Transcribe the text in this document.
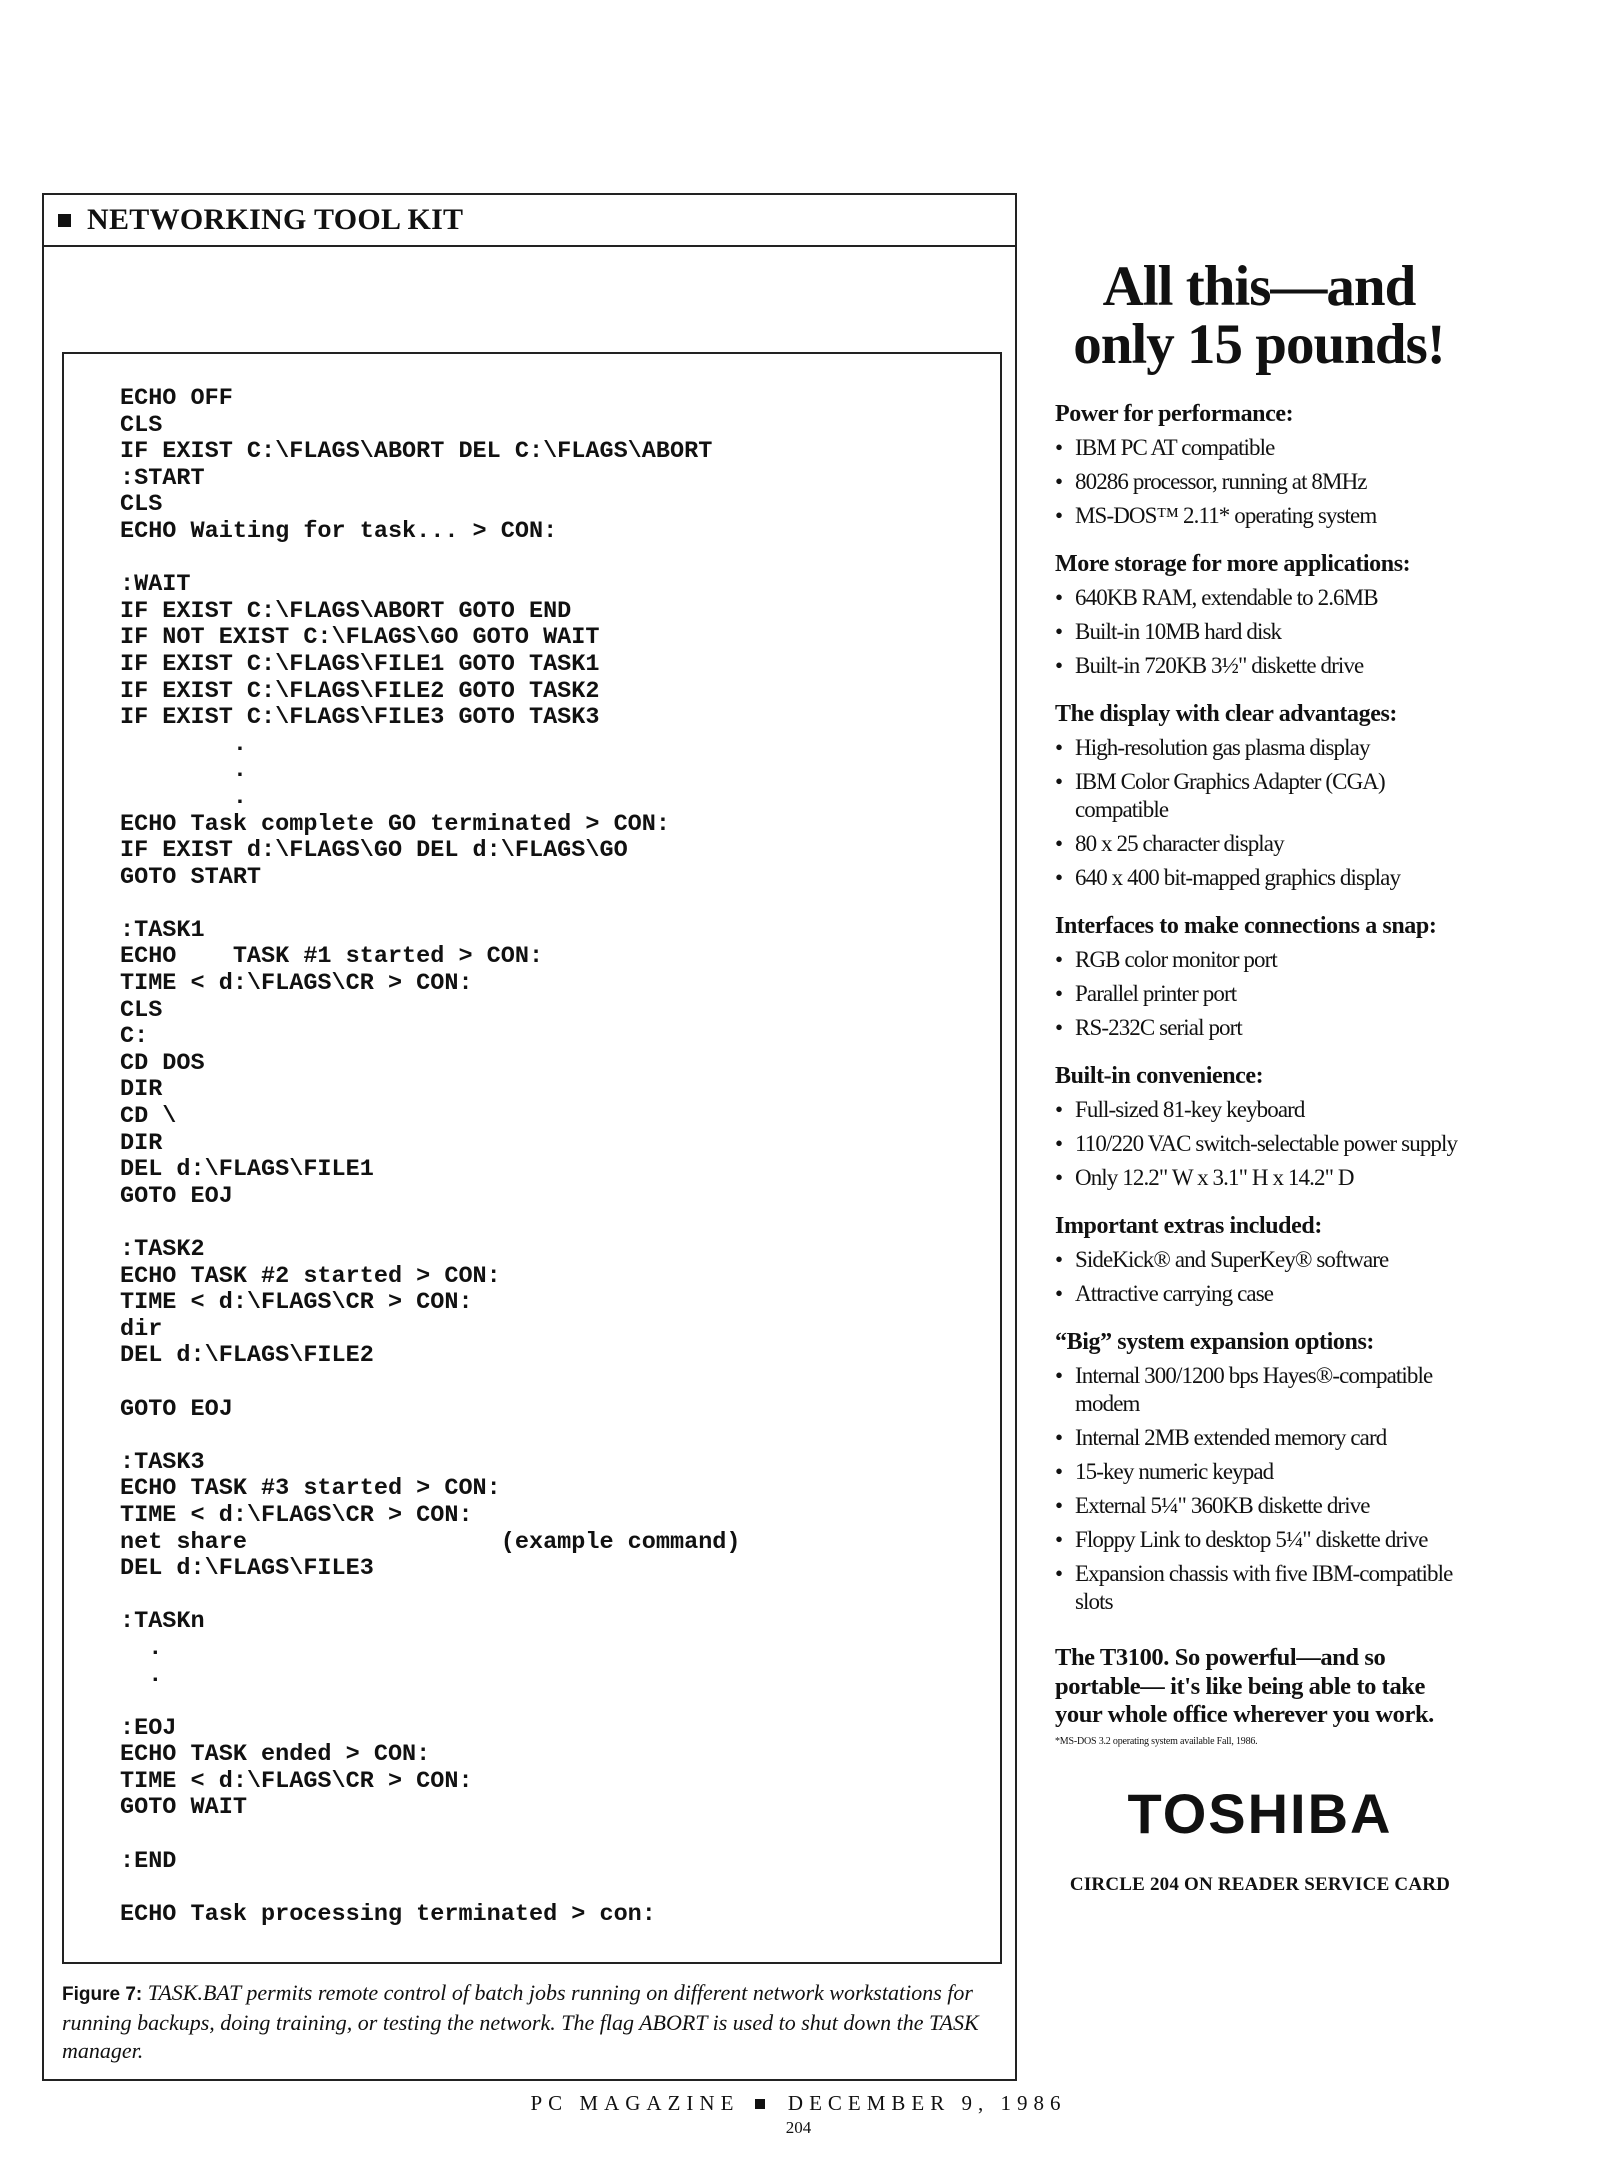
NETWORKING TOOL KIT
ECHO OFF
CLS
IF EXIST C:\FLAGS\ABORT DEL C:\FLAGS\ABORT
:START
CLS
ECHO Waiting for task... > CON:

:WAIT
IF EXIST C:\FLAGS\ABORT GOTO END
IF NOT EXIST C:\FLAGS\GO GOTO WAIT
IF EXIST C:\FLAGS\FILE1 GOTO TASK1
IF EXIST C:\FLAGS\FILE2 GOTO TASK2
IF EXIST C:\FLAGS\FILE3 GOTO TASK3
.
.
.
ECHO Task complete GO terminated > CON:
IF EXIST d:\FLAGS\GO DEL d:\FLAGS\GO
GOTO START

:TASK1
ECHO    TASK #1 started > CON:
TIME < d:\FLAGS\CR > CON:
CLS
C:
CD DOS
DIR
CD \
DIR
DEL d:\FLAGS\FILE1
GOTO EOJ

:TASK2
ECHO TASK #2 started > CON:
TIME < d:\FLAGS\CR > CON:
dir
DEL d:\FLAGS\FILE2

GOTO EOJ

:TASK3
ECHO TASK #3 started > CON:
TIME < d:\FLAGS\CR > CON:
net share                  (example command)
DEL d:\FLAGS\FILE3

:TASKn
.
.

:EOJ
ECHO TASK ended > CON:
TIME < d:\FLAGS\CR > CON:
GOTO WAIT

:END

ECHO Task processing terminated > con:

Figure 7: TASK.BAT permits remote control of batch jobs running on different network workstations for running backups, doing training, or testing the network. The flag ABORT is used to shut down the TASK manager.
PC MAGAZINE DECEMBER 9, 1986
204
All this—and
only 15 pounds!
Power for performance:
• IBM PC AT compatible
• 80286 processor, running at 8MHz
• MS-DOS™ 2.11* operating system
More storage for more applications:
• 640KB RAM, extendable to 2.6MB
• Built-in 10MB hard disk
• Built-in 720KB 3½" diskette drive
The display with clear advantages:
• High-resolution gas plasma display
• IBM Color Graphics Adapter (CGA) compatible
• 80 x 25 character display
• 640 x 400 bit-mapped graphics display
Interfaces to make connections a snap:
• RGB color monitor port
• Parallel printer port
• RS-232C serial port
Built-in convenience:
• Full-sized 81-key keyboard
• 110/220 VAC switch-selectable power supply
• Only 12.2" W x 3.1" H x 14.2" D
Important extras included:
• SideKick® and SuperKey® software
• Attractive carrying case
“Big” system expansion options:
• Internal 300/1200 bps Hayes®-compatible modem
• Internal 2MB extended memory card
• 15-key numeric keypad
• External 5¼" 360KB diskette drive
• Floppy Link to desktop 5¼" diskette drive
• Expansion chassis with five IBM-compatible slots
The T3100. So powerful—and so portable— it's like being able to take your whole office wherever you work.
*MS-DOS 3.2 operating system available Fall, 1986.
TOSHIBA
CIRCLE 204 ON READER SERVICE CARD
